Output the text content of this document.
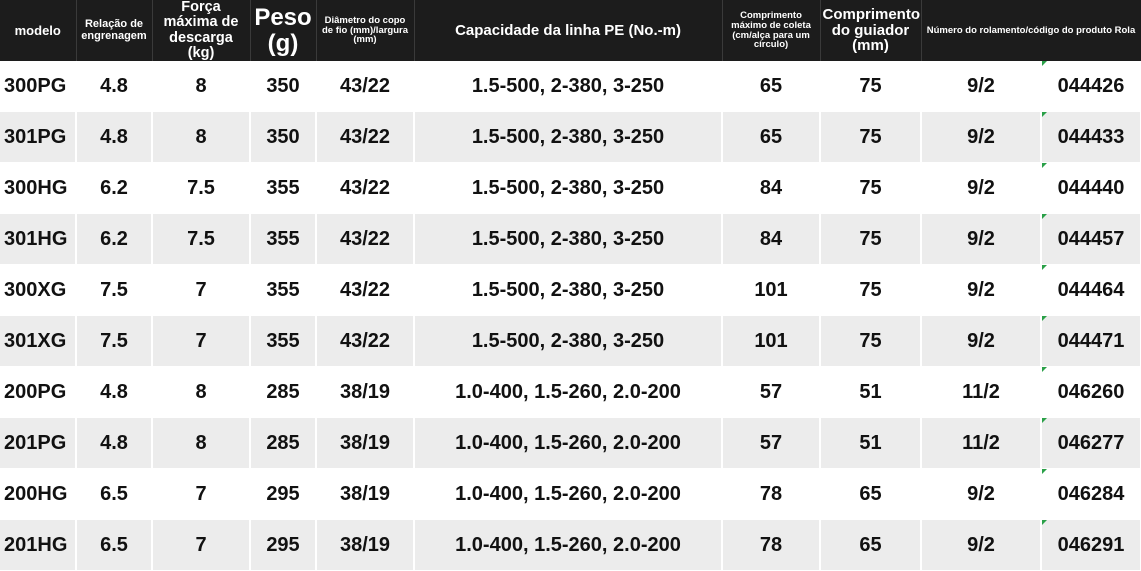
modelo	Relação de engrenagem	Força máxima de descarga (kg)	Peso (g)	Diâmetro do copo de fio (mm)/largura (mm)	Capacidade da linha PE (No.-m)	Comprimento máximo de coleta (cm/alça para um círculo)	Comprimento do guiador (mm)	Número do rolamento/código do produto Rola	
300PG	4.8	8	350	43/22	1.5-500, 2-380, 3-250	65	75	9/2	044426
301PG	4.8	8	350	43/22	1.5-500, 2-380, 3-250	65	75	9/2	044433
300HG	6.2	7.5	355	43/22	1.5-500, 2-380, 3-250	84	75	9/2	044440
301HG	6.2	7.5	355	43/22	1.5-500, 2-380, 3-250	84	75	9/2	044457
300XG	7.5	7	355	43/22	1.5-500, 2-380, 3-250	101	75	9/2	044464
301XG	7.5	7	355	43/22	1.5-500, 2-380, 3-250	101	75	9/2	044471
200PG	4.8	8	285	38/19	1.0-400, 1.5-260, 2.0-200	57	51	11/2	046260
201PG	4.8	8	285	38/19	1.0-400, 1.5-260, 2.0-200	57	51	11/2	046277
200HG	6.5	7	295	38/19	1.0-400, 1.5-260, 2.0-200	78	65	9/2	046284
201HG	6.5	7	295	38/19	1.0-400, 1.5-260, 2.0-200	78	65	9/2	046291
